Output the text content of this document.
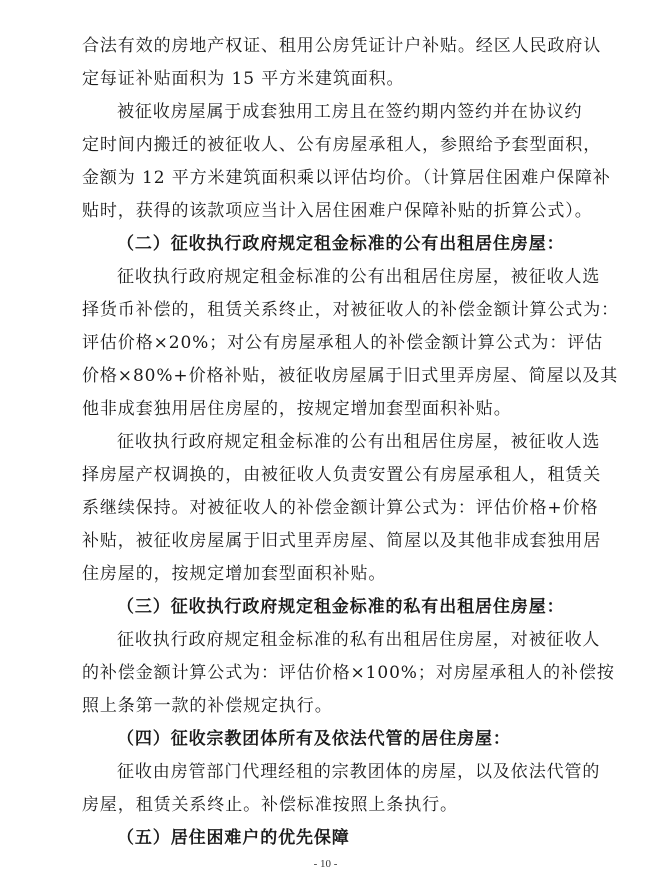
合法有效的房地产权证、租用公房凭证计户补贴。经区人民政府认
定每证补贴面积为 15 平方米建筑面积。
被征收房屋属于成套独用工房且在签约期内签约并在协议约
定时间内搬迁的被征收人、公有房屋承租人，参照给予套型面积，
金额为 12 平方米建筑面积乘以评估均价。（计算居住困难户保障补
贴时，获得的该款项应当计入居住困难户保障补贴的折算公式）。
（二）征收执行政府规定租金标准的公有出租居住房屋：
征收执行政府规定租金标准的公有出租居住房屋，被征收人选
择货币补偿的，租赁关系终止，对被征收人的补偿金额计算公式为：
评估价格×20%；对公有房屋承租人的补偿金额计算公式为：评估
价格×80%+价格补贴，被征收房屋属于旧式里弄房屋、简屋以及其
他非成套独用居住房屋的，按规定增加套型面积补贴。
征收执行政府规定租金标准的公有出租居住房屋，被征收人选
择房屋产权调换的，由被征收人负责安置公有房屋承租人，租赁关
系继续保持。对被征收人的补偿金额计算公式为：评估价格+价格
补贴，被征收房屋属于旧式里弄房屋、简屋以及其他非成套独用居
住房屋的，按规定增加套型面积补贴。
（三）征收执行政府规定租金标准的私有出租居住房屋：
征收执行政府规定租金标准的私有出租居住房屋，对被征收人
的补偿金额计算公式为：评估价格×100%；对房屋承租人的补偿按
照上条第一款的补偿规定执行。
（四）征收宗教团体所有及依法代管的居住房屋：
征收由房管部门代理经租的宗教团体的房屋，以及依法代管的
房屋，租赁关系终止。补偿标准按照上条执行。
（五）居住困难户的优先保障
- 10 -
